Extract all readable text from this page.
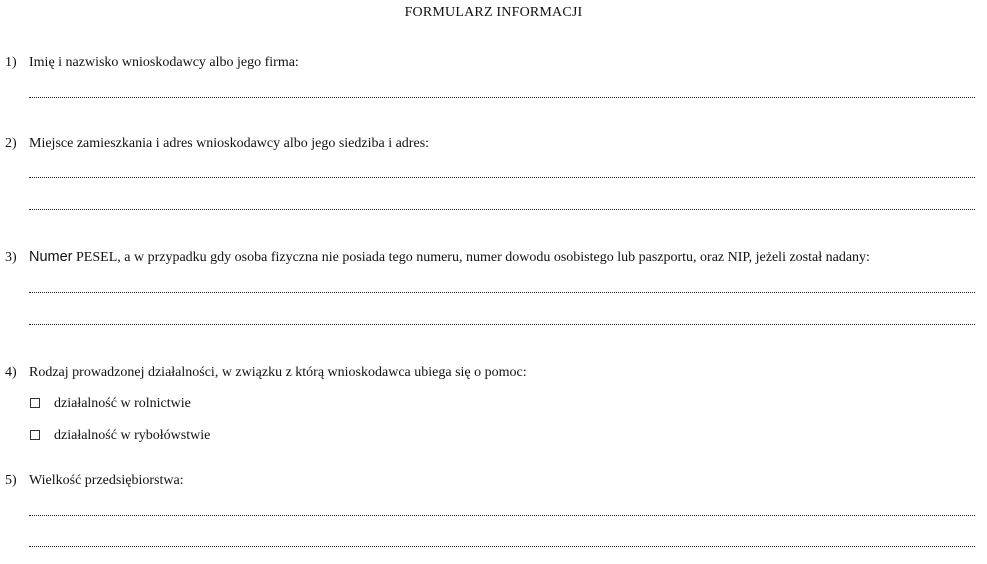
FORMULARZ INFORMACJI
1) Imię i nazwisko wnioskodawcy albo jego firma:
2) Miejsce zamieszkania i adres wnioskodawcy albo jego siedziba i adres:
3) Numer PESEL, a w przypadku gdy osoba fizyczna nie posiada tego numeru, numer dowodu osobistego lub paszportu, oraz NIP, jeżeli został nadany:
4) Rodzaj prowadzonej działalności, w związku z którą wnioskodawca ubiega się o pomoc:
działalność w rolnictwie
działalność w rybołówstwie
5) Wielkość przedsiębiorstwa:
